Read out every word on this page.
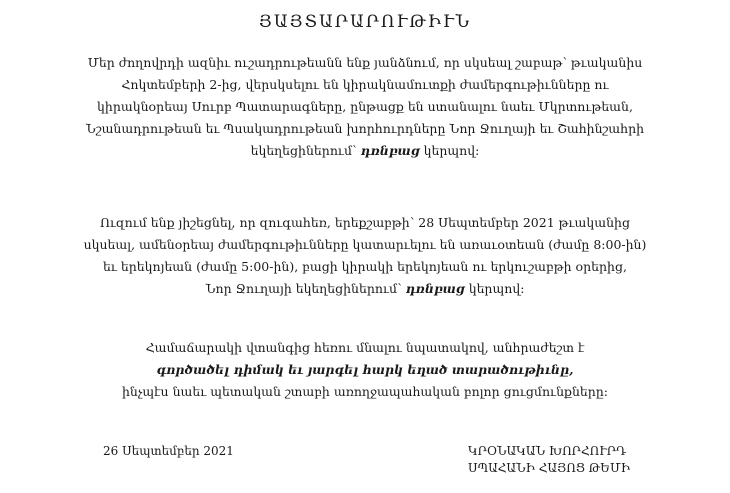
ՅԱՅՏԱՐԱՐՈՒԹԻՒՆ
Մեր ժողովրդի ազնիւ ուշադրութեանն ենք յանձնում, որ սկսեալ շաբաթ՝ թւականիս
Հոկտեմբերի 2-ից, վերսկսելու են կիրակնամուտքի ժամերգութիւնները ու
կիրակնօրեայ Սուրբ Պատարագները, ընթացք են ստանալու նաեւ Մկրտութեան,
Նշանադրութեան եւ Պսակադրութեան խորհուրդները Նոր Ջուղայի եւ Շահինշահրի
եկեղեցիներում՝ դռնբաց կերպով:
Ուզում ենք յիշեցնել, որ զուգահեռ, երեքշաբթի՝ 28 Սեպտեմբեր 2021 թւականից
սկսեալ, ամենօրեայ ժամերգութիւնները կատարւելու են առաւօտեան (ժամը 8:00-ին)
եւ երեկոյեան (ժամը 5:00-ին), բացի կիրակի երեկոյեան ու երկուշաբթի օրերից,
Նոր Ջուղայի եկեղեցիներում՝ դռնբաց կերպով:
Համաճարակի վտանգից հեռու մնալու նպատակով, անհրաժեշտ է
գործածել դիմակ եւ յարգել հարկ եղած տարածութիւնը,
ինչպէս նաեւ պետական շտաբի առողջապահական բոլոր ցուցմունքները:
26 Սեպտեմբեր 2021	ԿՐՕՆԱԿԱՆ ԽՈՐՀՈՒՐԴ
ՍՊԱՀԱՆԻ ՀԱՅՈՑ ԹԵՄԻ
